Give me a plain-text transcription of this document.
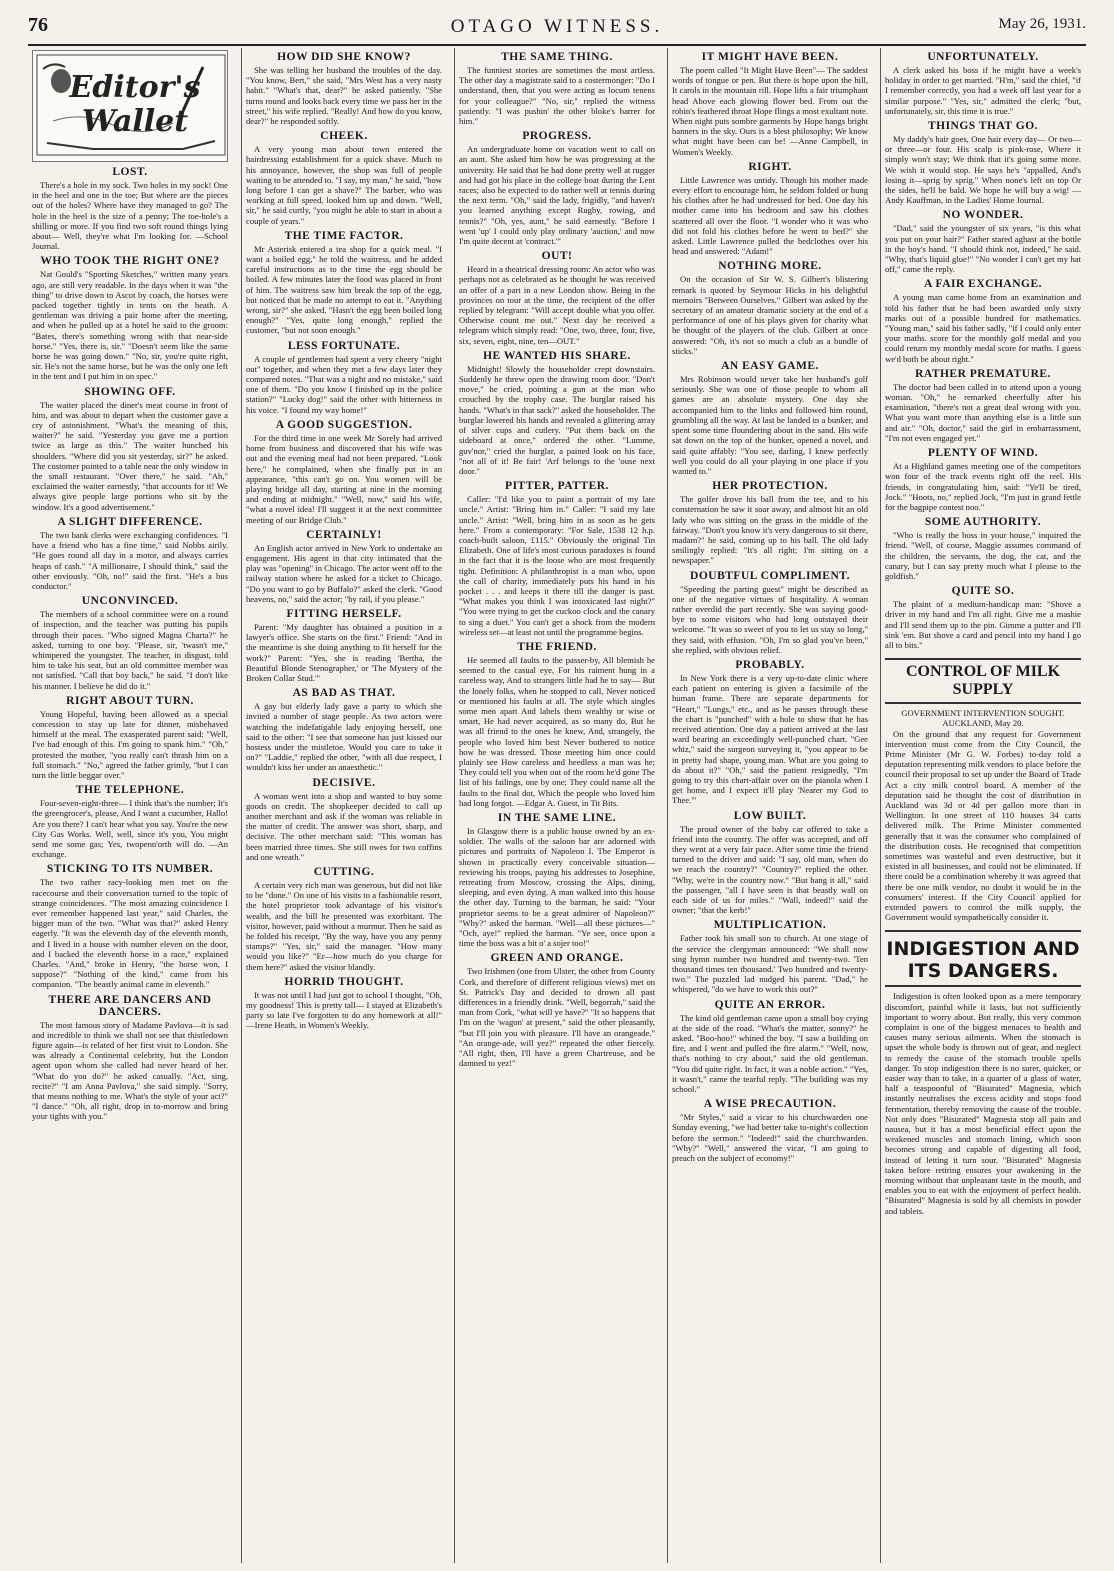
76	OTAGO WITNESS.	May 26, 1931.
Editor's
Wallet
LOST.

There's a hole in my sock. Two holes in my sock! One in the heel and one in the toe; But where are the pieces out of the holes? Where have they managed to go? The hole in the heel is the size of a penny; The toe-hole's a shilling or more. If you find two soft round things lying about— Well, they're what I'm looking for. —School Journal.

WHO TOOK THE RIGHT ONE?

Nat Gould's "Sporting Sketches," written many years ago, are still very readable. In the days when it was "the thing" to drive down to Ascot by coach, the horses were packed together tightly in tents on the heath. A gentleman was driving a pair home after the meeting, and when he pulled up at a hotel he said to the groom: "Bates, there's something wrong with that near-side horse." "Yes, there is, sir." "Doesn't seem like the same horse he was going down." "No, sir, you're quite right, sir. He's not the same horse, but he was the only one left in the tent and I put him in on spec."

SHOWING OFF.

The waiter placed the diner's meat course in front of him, and was about to depart when the customer gave a cry of astonishment. "What's the meaning of this, waiter?" he said. "Yesterday you gave me a portion twice as large as this." The waiter hunched his shoulders. "Where did you sit yesterday, sir?" he asked. The customer pointed to a table near the only window in the small restaurant. "Over there," he said. "Ah," exclaimed the waiter earnestly, "that accounts for it! We always give people large portions who sit by the window. It's a good advertisement."

A SLIGHT DIFFERENCE.

The two bank clerks were exchanging confidences. "I have a friend who has a fine time," said Nobbs airily. "He goes round all day in a motor, and always carries heaps of cash." "A millionaire, I should think," said the other enviously. "Oh, no!" said the first. "He's a bus conductor."

UNCONVINCED.

The members of a school committee were on a round of inspection, and the teacher was putting his pupils through their paces. "Who signed Magna Charta?" he asked, turning to one boy. "Please, sir, 'twasn't me," whimpered the youngster. The teacher, in disgust, told him to take his seat, but an old committee member was not satisfied. "Call that boy back," he said. "I don't like his manner. I believe he did do it."

RIGHT ABOUT TURN.

Young Hopeful, having been allowed as a special concession to stay up late for dinner, misbehaved himself at the meal. The exasperated parent said: "Well, I've had enough of this. I'm going to spank him." "Oh," protested the mother, "you really can't thrash him on a full stomach." "No," agreed the father grimly, "but I can turn the little beggar over."

THE TELEPHONE.

Four-seven-eight-three— I think that's the number; It's the greengrocer's, please, And I want a cucumber, Hallo! Are you there? I can't hear what you say. You're the new City Gas Works. Well, well, since it's you, You might send me some gas; Yes, twopenn'orth will do. —An exchange.

STICKING TO ITS NUMBER.

The two rather racy-looking men met on the racecourse and their conversation turned to the topic of strange coincidences. "The most amazing coincidence I ever remember happened last year," said Charles, the bigger man of the two. "What was that?" asked Henry eagerly. "It was the eleventh day of the eleventh month, and I lived in a house with number eleven on the door, and I backed the eleventh horse in a race," explained Charles. "And," broke in Henry, "the horse won, I suppose?" "Nothing of the kind," came from his companion. "The beastly animal came in eleventh."

THERE ARE DANCERS AND DANCERS.

The most famous story of Madame Pavlova—it is sad and incredible to think we shall not see that thistledown figure again—is related of her first visit to London. She was already a Continental celebrity, but the London agent upon whom she called had never heard of her. "What do you do?" he asked casually. "Act, sing, recite?" "I am Anna Pavlova," she said simply. "Sorry, that means nothing to me. What's the style of your act?" "I dance." "Oh, all right, drop in to-morrow and bring your tights with you."

HOW DID SHE KNOW?

She was telling her husband the troubles of the day. "You know, Bert," she said, "Mrs West has a very nasty habit." "What's that, dear?" he asked patiently. "She turns round and looks back every time we pass her in the street," his wife replied. "Really! And how do you know, dear?" he responded softly.

CHEEK.

A very young man about town entered the hairdressing establishment for a quick shave. Much to his annoyance, however, the shop was full of people waiting to be attended to. "I say, my man," he said, "how long before I can get a shave?" The barber, who was working at full speed, looked him up and down. "Well, sir," he said curtly, "you might be able to start in about a couple of years."

THE TIME FACTOR.

Mr Asterisk entered a tea shop for a quick meal. "I want a boiled egg," he told the waitress, and he added careful instructions as to the time the egg should be boiled. A few minutes later the food was placed in front of him. The waitress saw him break the top of the egg, but noticed that he made no attempt to eat it. "Anything wrong, sir?" she asked. "Hasn't the egg been boiled long enough?" "Yes, quite long enough," replied the customer, "but not soon enough."

LESS FORTUNATE.

A couple of gentlemen had spent a very cheery "night out" together, and when they met a few days later they compared notes. "That was a night and no mistake," said one of them. "Do you know I finished up in the police station?" "Lucky dog!" said the other with bitterness in his voice. "I found my way home!"

A GOOD SUGGESTION.

For the third time in one week Mr Sorely had arrived home from business and discovered that his wife was out and the evening meal had not been prepared. "Look here," he complained, when she finally put in an appearance, "this can't go on. You women will be playing bridge all day, starting at nine in the morning and ending at midnight." "Well, now," said his wife, "what a novel idea! I'll suggest it at the next committee meeting of our Bridge Club."

CERTAINLY!

An English actor arrived in New York to undertake an engagement. His agent in that city intimated that the play was "opening" in Chicago. The actor went off to the railway station where he asked for a ticket to Chicago. "Do you want to go by Buffalo?" asked the clerk. "Good heavens, no," said the actor; "by rail, if you please."

FITTING HERSELF.

Parent: "My daughter has obtained a position in a lawyer's office. She starts on the first." Friend: "And in the meantime is she doing anything to fit herself for the work?" Parent: "Yes, she is reading 'Bertha, the Beautiful Blonde Stenographer,' or 'The Mystery of the Broken Collar Stud.'"

AS BAD AS THAT.

A gay but elderly lady gave a party to which she invited a number of stage people. As two actors were watching the indefatigable lady enjoying herself, one said to the other: "I see that someone has just kissed our hostess under the mistletoe. Would you care to take it on?" "Laddie," replied the other, "with all due respect, I wouldn't kiss her under an anaesthetic."

DECISIVE.

A woman went into a shop and wanted to buy some goods on credit. The shopkeeper decided to call up another merchant and ask if the woman was reliable in the matter of credit. The answer was short, sharp, and decisive. The other merchant said: "This woman has been married three times. She still owes for two coffins and one wreath."

CUTTING.

A certain very rich man was generous, but did not like to be "done." On one of his visits to a fashionable resort, the hotel proprietor took advantage of his visitor's wealth, and the bill he presented was exorbitant. The visitor, however, paid without a murmur. Then he said as he folded his receipt, "By the way, have you any penny stamps?" "Yes, sir," said the manager. "How many would you like?" "Er—how much do you charge for them here?" asked the visitor blandly.

HORRID THOUGHT.

It was not until I had just got to school I thought, "Oh, my goodness! This is pretty tall— I stayed at Elizabeth's party so late I've forgotten to do any homework at all!" —Irene Heath, in Women's Weekly.

THE SAME THING.

The funniest stories are sometimes the most artless. The other day a magistrate said to a costermonger: "Do I understand, then, that you were acting as locum tenens for your colleague?" "No, sir," replied the witness patiently. "I was pushin' the other bloke's barrer for him."

PROGRESS.

An undergraduate home on vacation went to call on an aunt. She asked him how he was progressing at the university. He said that he had done pretty well at rugger and had got his place in the college boat during the Lent races; also he expected to do rather well at tennis during the next term. "Oh," said the lady, frigidly, "and haven't you learned anything except Rugby, rowing, and tennis?" "Oh, yes, aunt," he said earnestly. "Before I went 'up' I could only play ordinary 'auction,' and now I'm quite decent at 'contract.'"

OUT!

Heard in a theatrical dressing room: An actor who was perhaps not as celebrated as he thought he was received an offer of a part in a new London show. Being in the provinces on tour at the time, the recipient of the offer replied by telegram: "Will accept double what you offer. Otherwise count me out." Next day he received a telegram which simply read: "One, two, three, four, five, six, seven, eight, nine, ten—OUT."

HE WANTED HIS SHARE.

Midnight! Slowly the householder crept downstairs. Suddenly he threw open the drawing room door. "Don't move," he cried, pointing a gun at the man who crouched by the trophy case. The burglar raised his hands. "What's in that sack?" asked the householder. The burglar lowered his hands and revealed a glittering array of silver cups and cutlery. "Put them back on the sideboard at once," ordered the other. "Lumme, guv'nor," cried the burglar, a pained look on his face, "not all of it! Be fair! 'Arf belongs to the 'ouse next door."

PITTER, PATTER.

Caller: "I'd like you to paint a portrait of my late uncle." Artist: "Bring him in." Caller: "I said my late uncle." Artist: "Well, bring him in as soon as he gets here." From a contemporary: "For Sale, 1538 12 h.p. coach-built saloon, £115." Obviously the original Tin Elizabeth. One of life's most curious paradoxes is found in the fact that it is the loose who are most frequently tight. Definition: A philanthropist is a man who, upon the call of charity, immediately puts his hand in his pocket . . . and keeps it there till the danger is past. "What makes you think I was intoxicated last night?" "You were trying to get the cuckoo clock and the canary to sing a duet." You can't get a shock from the modern wireless set—at least not until the programme begins.

THE FRIEND.

He seemed all faults to the passer-by, All blemish he seemed to the casual eye, For his raiment hung in a careless way, And to strangers little had he to say— But the lonely folks, when he stopped to call, Never noticed or mentioned his faults at all. The style which singles some men apart And labels them wealthy or wise or smart, He had never acquired, as so many do, But he was all friend to the ones he knew, And, strangely, the people who loved him best Never bothered to notice how he was dressed. Those meeting him once could plainly see How careless and heedless a man was he; They could tell you when out of the room he'd gone The list of his failings, one by one; They could name all the faults to the final dot, Which the people who loved him had long forgot. —Edgar A. Guest, in Tit Bits.

IN THE SAME LINE.

In Glasgow there is a public house owned by an ex-soldier. The walls of the saloon bar are adorned with pictures and portraits of Napoleon I. The Emperor is shown in practically every conceivable situation—reviewing his troops, paying his addresses to Josephine, retreating from Moscow, crossing the Alps, dining, sleeping, and even dying. A man walked into this house the other day. Turning to the barman, he said: "Your proprietor seems to be a great admirer of Napoleon?" "Why?" asked the barman. "Well—all these pictures—" "Och, aye!" replied the barman. "Ye see, once upon a time the boss was a bit o' a sojer too!"

GREEN AND ORANGE.

Two Irishmen (one from Ulster, the other from County Cork, and therefore of different religious views) met on St. Patrick's Day and decided to drown all past differences in a friendly drink. "Well, begorrah," said the man from Cork, "what will ye have?" "It so happens that I'm on the 'wagon' at present," said the other pleasantly, "but I'll join you with pleasure. I'll have an orangeade." "An orange-ade, will yez?" repeated the other fiercely. "All right, then, I'll have a green Chartreuse, and be damned to yez!"

IT MIGHT HAVE BEEN.

The poem called "It Might Have Been"— The saddest words of tongue or pen. But there is hope upon the hill, It carols in the mountain rill. Hope lifts a fair triumphant head Above each glowing flower bed. From out the robin's feathered throat Hope flings a most exultant note. When night puts sombre garments by Hope hangs bright banners in the sky. Ours is a blest philosophy; We know what might have been can be! —Anne Campbell, in Women's Weekly.

RIGHT.

Little Lawrence was untidy. Though his mother made every effort to encourage him, he seldom folded or hung his clothes after he had undressed for bed. One day his mother came into his bedroom and saw his clothes scattered all over the floor. "I wonder who it was who did not fold his clothes before he went to bed?" she asked. Little Lawrence pulled the bedclothes over his head and answered: "Adam!"

NOTHING MORE.

On the occasion of Sir W. S. Gilbert's blistering remark is quoted by Seymour Hicks in his delightful memoirs "Between Ourselves." Gilbert was asked by the secretary of an amateur dramatic society at the end of a performance of one of his plays given for charity what he thought of the players of the club. Gilbert at once answered: "Oh, it's not so much a club as a bundle of sticks."

AN EASY GAME.

Mrs Robinson would never take her husband's golf seriously. She was one of those people to whom all games are an absolute mystery. One day she accompanied him to the links and followed him round, grumbling all the way. At last he landed in a bunker, and spent some time floundering about in the sand. His wife sat down on the top of the bunker, opened a novel, and said quite affably: "You see, darling, I knew perfectly well you could do all your playing in one place if you wanted to."

HER PROTECTION.

The golfer drove his ball from the tee, and to his consternation he saw it soar away, and almost hit an old lady who was sitting on the grass in the middle of the fairway. "Don't you know it's very dangerous to sit there, madam?" he said, coming up to his ball. The old lady smilingly replied: "It's all right; I'm sitting on a newspaper."

DOUBTFUL COMPLIMENT.

"Speeding the parting guest" might be described as one of the negative virtues of hospitality. A woman rather overdid the part recently. She was saying good-bye to some visitors who had long outstayed their welcome. "It was so sweet of you to let us stay so long," they said, with effusion. "Oh, I'm so glad you've been," she replied, with obvious relief.

PROBABLY.

In New York there is a very up-to-date clinic where each patient on entering is given a facsimile of the human frame. There are separate departments for "Heart," "Lungs," etc., and as he passes through these the chart is "punched" with a hole to show that he has received attention. One day a patient arrived at the last ward bearing an exceedingly well-punched chart. "Gee whiz," said the surgeon surveying it, "you appear to be in pretty bad shape, young man. What are you going to do about it?" "Oh," said the patient resignedly, "I'm going to try this chart-affair over on the pianola when I get home, and I expect it'll play 'Nearer my God to Thee.'"

LOW BUILT.

The proud owner of the baby car offered to take a friend into the country. The offer was accepted, and off they went at a very fair pace. After some time the friend turned to the driver and said: "I say, old man, when do we reach the country?" "Country?" replied the other. "Why, we're in the country now." "But hang it all," said the passenger, "all I have seen is that beastly wall on each side of us for miles." "Wall, indeed!" said the owner; "that the kerb!"

MULTIPLICATION.

Father took his small son to church. At one stage of the service the clergyman announced: "We shall now sing hymn number two hundred and twenty-two. 'Ten thousand times ten thousand.' Two hundred and twenty-two." The puzzled lad nudged his parent. "Dad," he whispered, "do we have to work this out?"

QUITE AN ERROR.

The kind old gentleman came upon a small boy crying at the side of the road. "What's the matter, sonny?" he asked. "Boo-hoo!" whined the boy. "I saw a building on fire, and I went and pulled the fire alarm." "Well, now, that's nothing to cry about," said the old gentleman. "You did quite right. In fact, it was a noble action." "Yes, it wasn't," came the tearful reply. "The building was my school."

A WISE PRECAUTION.

"Mr Styles," said a vicar to his churchwarden one Sunday evening, "we had better take to-night's collection before the sermon." "Indeed!" said the churchwarden. "Why?" "Well," answered the vicar, "I am going to preach on the subject of economy!"

UNFORTUNATELY.

A clerk asked his boss if he might have a week's holiday in order to get married. "H'm," said the chief, "if I remember correctly, you had a week off last year for a similar purpose." "Yes, sir," admitted the clerk; "but, unfortunately, sir, this time it is true."

THINGS THAT GO.

My daddy's hair goes, One hair every day— Or two—or three—or four. His scalp is pink-rose, Where it simply won't stay; We think that it's going some more. We wish it would stop. He says he's "appalled, And's losing it—sprig by sprig." When none's left on top Or the sides, he'll be bald. We hope he will buy a wig! —Andy Kauffman, in the Ladies' Home Journal.

NO WONDER.

"Dad," said the youngster of six years, "is this what you put on your hair?" Father stared aghast at the bottle in the boy's hand. "I should think not, indeed," he said. "Why, that's liquid glue!" "No wonder I can't get my hat off," came the reply.

A FAIR EXCHANGE.

A young man came home from an examination and told his father that he had been awarded only sixty marks out of a possible hundred for mathematics. "Young man," said his father sadly, "if I could only enter your maths. score for the monthly golf medal and you could return my monthly medal score for maths. I guess we'd both be about right."

RATHER PREMATURE.

The doctor had been called in to attend upon a young woman. "Oh," he remarked cheerfully after his examination, "there's not a great deal wrong with you. What you want more than anything else is a little sun and air." "Oh, doctor," said the girl in embarrassment, "I'm not even engaged yet."

PLENTY OF WIND.

At a Highland games meeting one of the competitors won four of the track events right off the reel. His friends, in congratulating him, said: "Ye'll be tired, Jock." "Hoots, no," replied Jock, "I'm just in grand fettle for the bagpipe contest noo."

SOME AUTHORITY.

"Who is really the boss in your house," inquired the friend. "Well, of course, Maggie assumes command of the children, the servants, the dog, the cat, and the canary, but I can say pretty much what I please to the goldfish."

QUITE SO.

The plaint of a medium-handicap man: "Shove a driver in my hand and I'm all right. Give me a mashie and I'll send them up to the pin. Gimme a putter and I'll sink 'em. But shove a card and pencil into my hand I go all to bits."

CONTROL OF MILK SUPPLY

GOVERNMENT INTERVENTION SOUGHT.

AUCKLAND, May 20.

On the ground that any request for Government intervention must come from the City Council, the Prime Minister (Mr G. W. Forbes) to-day told a deputation representing milk vendors to place before the council their proposal to set up under the Board of Trade Act a city milk control board. A member of the deputation said he thought the cost of distribution in Auckland was 3d or 4d per gallon more than in Wellington. In one street of 110 houses 34 carts delivered milk. The Prime Minister commented generally that it was the consumer who complained of the distribution costs. He recognised that competition sometimes was wasteful and even destructive, but it existed in all businesses, and could not be eliminated. If there could be a combination whereby it was agreed that there be one milk vendor, no doubt it would be in the consumers' interest. If the City Council applied for extended powers to control the milk supply, the Government would sympathetically consider it.

INDIGESTION AND ITS DANGERS.

Indigestion is often looked upon as a mere temporary discomfort, painful while it lasts, but not sufficiently important to worry about. But really, this very common complaint is one of the biggest menaces to health and causes many serious ailments. When the stomach is upset the whole body is thrown out of gear, and neglect to remedy the cause of the stomach trouble spells danger. To stop indigestion there is no surer, quicker, or easier way than to take, in a quarter of a glass of water, half a teaspoonful of "Bisurated" Magnesia, which instantly neutralises the excess acidity and stops food fermentation, thereby removing the cause of the trouble. Not only does "Bisurated" Magnesia stop all pain and nausea, but it has a most beneficial effect upon the weakened muscles and stomach lining, which soon becomes strong and capable of digesting all food, instead of letting it turn sour. "Bisurated" Magnesia taken before retiring ensures your awakening in the morning without that unpleasant taste in the mouth, and enables you to eat with the enjoyment of perfect health. "Bisurated" Magnesia is sold by all chemists in powder and tablets.
